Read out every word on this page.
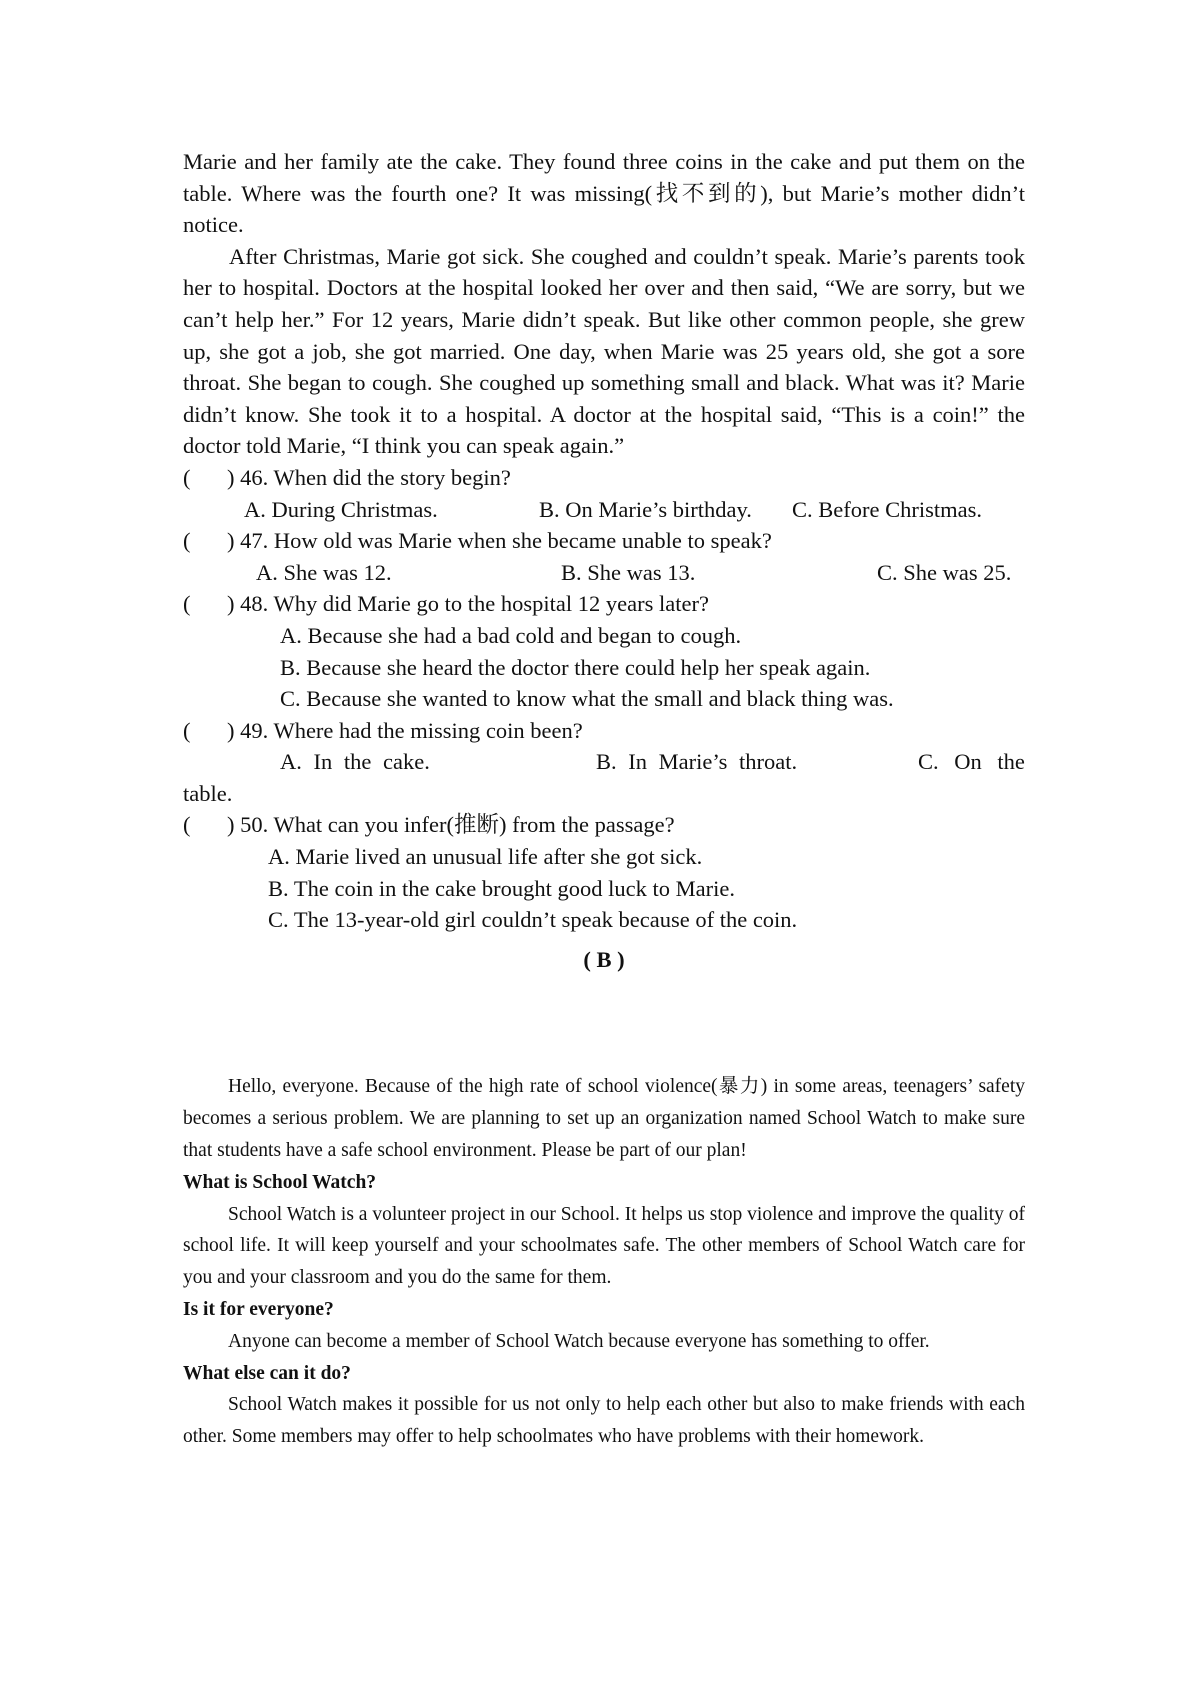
Marie and her family ate the cake. They found three coins in the cake and put them on the table. Where was the fourth one? It was missing(找不到的), but Marie’s mother didn’t notice.

After Christmas, Marie got sick. She coughed and couldn’t speak. Marie’s parents took her to hospital. Doctors at the hospital looked her over and then said, “We are sorry, but we can’t help her.” For 12 years, Marie didn’t speak. But like other common people, she grew up, she got a job, she got married. One day, when Marie was 25 years old, she got a sore throat. She began to cough. She coughed up something small and black. What was it? Marie didn’t know. She took it to a hospital. A doctor at the hospital said, “This is a coin!” the doctor told Marie, “I think you can speak again.”

( ) 46. When did the story begin?
A. During Christmas.	B. On Marie’s birthday. C. Before Christmas.
( ) 47. How old was Marie when she became unable to speak?
A. She was 12.	B. She was 13.	C. She was 25.
( ) 48. Why did Marie go to the hospital 12 years later?
A. Because she had a bad cold and began to cough.
B. Because she heard the doctor there could help her speak again.
C. Because she wanted to know what the small and black thing was.
( ) 49. Where had the missing coin been?
A. In the cake.	B. In Marie’s throat.	C. On the
table.
( ) 50. What can you infer(推断) from the passage?
A. Marie lived an unusual life after she got sick.
B. The coin in the cake brought good luck to Marie.
C. The 13-year-old girl couldn’t speak because of the coin.
( B )

Hello, everyone. Because of the high rate of school violence(暴力) in some areas, teenagers’ safety becomes a serious problem. We are planning to set up an organization named School Watch to make sure that students have a safe school environment. Please be part of our plan!

What is School Watch?

School Watch is a volunteer project in our School. It helps us stop violence and improve the quality of school life. It will keep yourself and your schoolmates safe. The other members of School Watch care for you and your classroom and you do the same for them.

Is it for everyone?

Anyone can become a member of School Watch because everyone has something to offer.

What else can it do?

School Watch makes it possible for us not only to help each other but also to make friends with each other. Some members may offer to help schoolmates who have problems with their homework.
